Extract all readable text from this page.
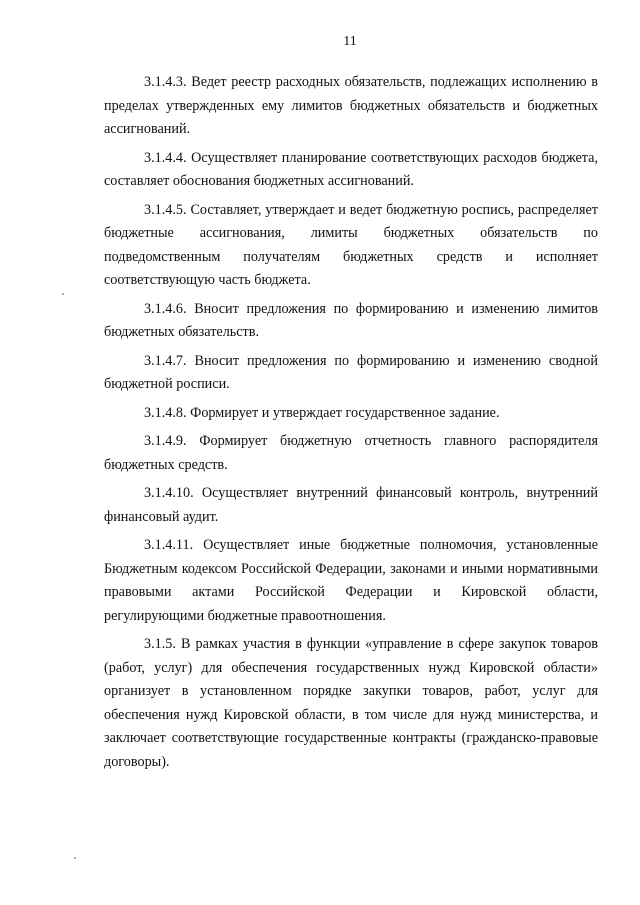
11

3.1.4.3. Ведет реестр расходных обязательств, подлежащих исполнению в пределах утвержденных ему лимитов бюджетных обязательств и бюджетных ассигнований.

3.1.4.4. Осуществляет планирование соответствующих расходов бюджета, составляет обоснования бюджетных ассигнований.

3.1.4.5. Составляет, утверждает и ведет бюджетную роспись, распределяет бюджетные ассигнования, лимиты бюджетных обязательств по подведомственным получателям бюджетных средств и исполняет соответствующую часть бюджета.

3.1.4.6. Вносит предложения по формированию и изменению лимитов бюджетных обязательств.

3.1.4.7. Вносит предложения по формированию и изменению сводной бюджетной росписи.

3.1.4.8. Формирует и утверждает государственное задание.

3.1.4.9. Формирует бюджетную отчетность главного распорядителя бюджетных средств.

3.1.4.10. Осуществляет внутренний финансовый контроль, внутренний финансовый аудит.

3.1.4.11. Осуществляет иные бюджетные полномочия, установленные Бюджетным кодексом Российской Федерации, законами и иными нормативными правовыми актами Российской Федерации и Кировской области, регулирующими бюджетные правоотношения.

3.1.5. В рамках участия в функции «управление в сфере закупок товаров (работ, услуг) для обеспечения государственных нужд Кировской области» организует в установленном порядке закупки товаров, работ, услуг для обеспечения нужд Кировской области, в том числе для нужд министерства, и заключает соответствующие государственные контракты (гражданско-правовые договоры).
